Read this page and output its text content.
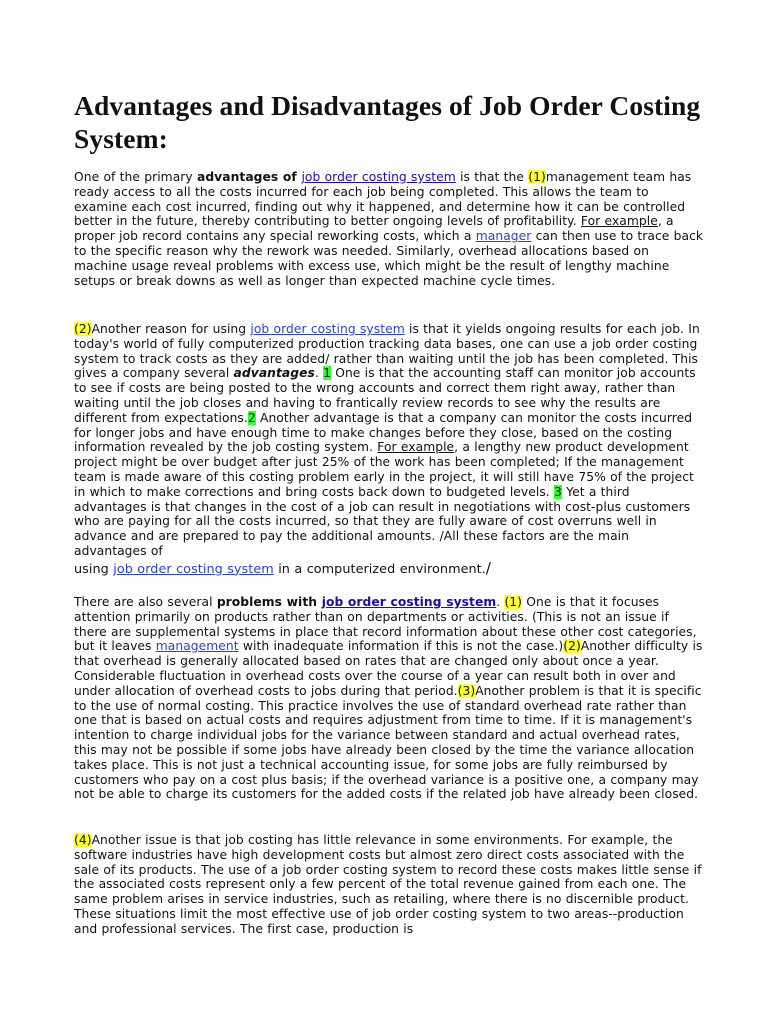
Advantages and Disadvantages of Job Order Costing System:

One of the primary advantages of job order costing system is that the (1)management team has ready access to all the costs incurred for each job being completed. This allows the team to examine each cost incurred, finding out why it happened, and determine how it can be controlled better in the future, thereby contributing to better ongoing levels of profitability. For example, a proper job record contains any special reworking costs, which a manager can then use to trace back to the specific reason why the rework was needed. Similarly, overhead allocations based on machine usage reveal problems with excess use, which might be the result of lengthy machine setups or break downs as well as longer than expected machine cycle times.

(2)Another reason for using job order costing system is that it yields ongoing results for each job. In today's world of fully computerized production tracking data bases, one can use a job order costing system to track costs as they are added/ rather than waiting until the job has been completed. This gives a company several advantages. 1 One is that the accounting staff can monitor job accounts to see if costs are being posted to the wrong accounts and correct them right away, rather than waiting until the job closes and having to frantically review records to see why the results are different from expectations.2 Another advantage is that a company can monitor the costs incurred for longer jobs and have enough time to make changes before they close, based on the costing information revealed by the job costing system. For example, a lengthy new product development project might be over budget after just 25% of the work has been completed; If the management team is made aware of this costing problem early in the project, it will still have 75% of the project in which to make corrections and bring costs back down to budgeted levels. 3 Yet a third advantages is that changes in the cost of a job can result in negotiations with cost-plus customers who are paying for all the costs incurred, so that they are fully aware of cost overruns well in advance and are prepared to pay the additional amounts. /All these factors are the main advantages of
using job order costing system in a computerized environment./

There are also several problems with job order costing system. (1) One is that it focuses attention primarily on products rather than on departments or activities. (This is not an issue if there are supplemental systems in place that record information about these other cost categories, but it leaves management with inadequate information if this is not the case.)(2)Another difficulty is that overhead is generally allocated based on rates that are changed only about once a year. Considerable fluctuation in overhead costs over the course of a year can result both in over and under allocation of overhead costs to jobs during that period.(3)Another problem is that it is specific to the use of normal costing. This practice involves the use of standard overhead rate rather than one that is based on actual costs and requires adjustment from time to time. If it is management's intention to charge individual jobs for the variance between standard and actual overhead rates, this may not be possible if some jobs have already been closed by the time the variance allocation takes place. This is not just a technical accounting issue, for some jobs are fully reimbursed by customers who pay on a cost plus basis; if the overhead variance is a positive one, a company may not be able to charge its customers for the added costs if the related job have already been closed.

(4)Another issue is that job costing has little relevance in some environments. For example, the software industries have high development costs but almost zero direct costs associated with the sale of its products. The use of a job order costing system to record these costs makes little sense if the associated costs represent only a few percent of the total revenue gained from each one. The same problem arises in service industries, such as retailing, where there is no discernible product. These situations limit the most effective use of job order costing system to two areas--production and professional services. The first case, production is
